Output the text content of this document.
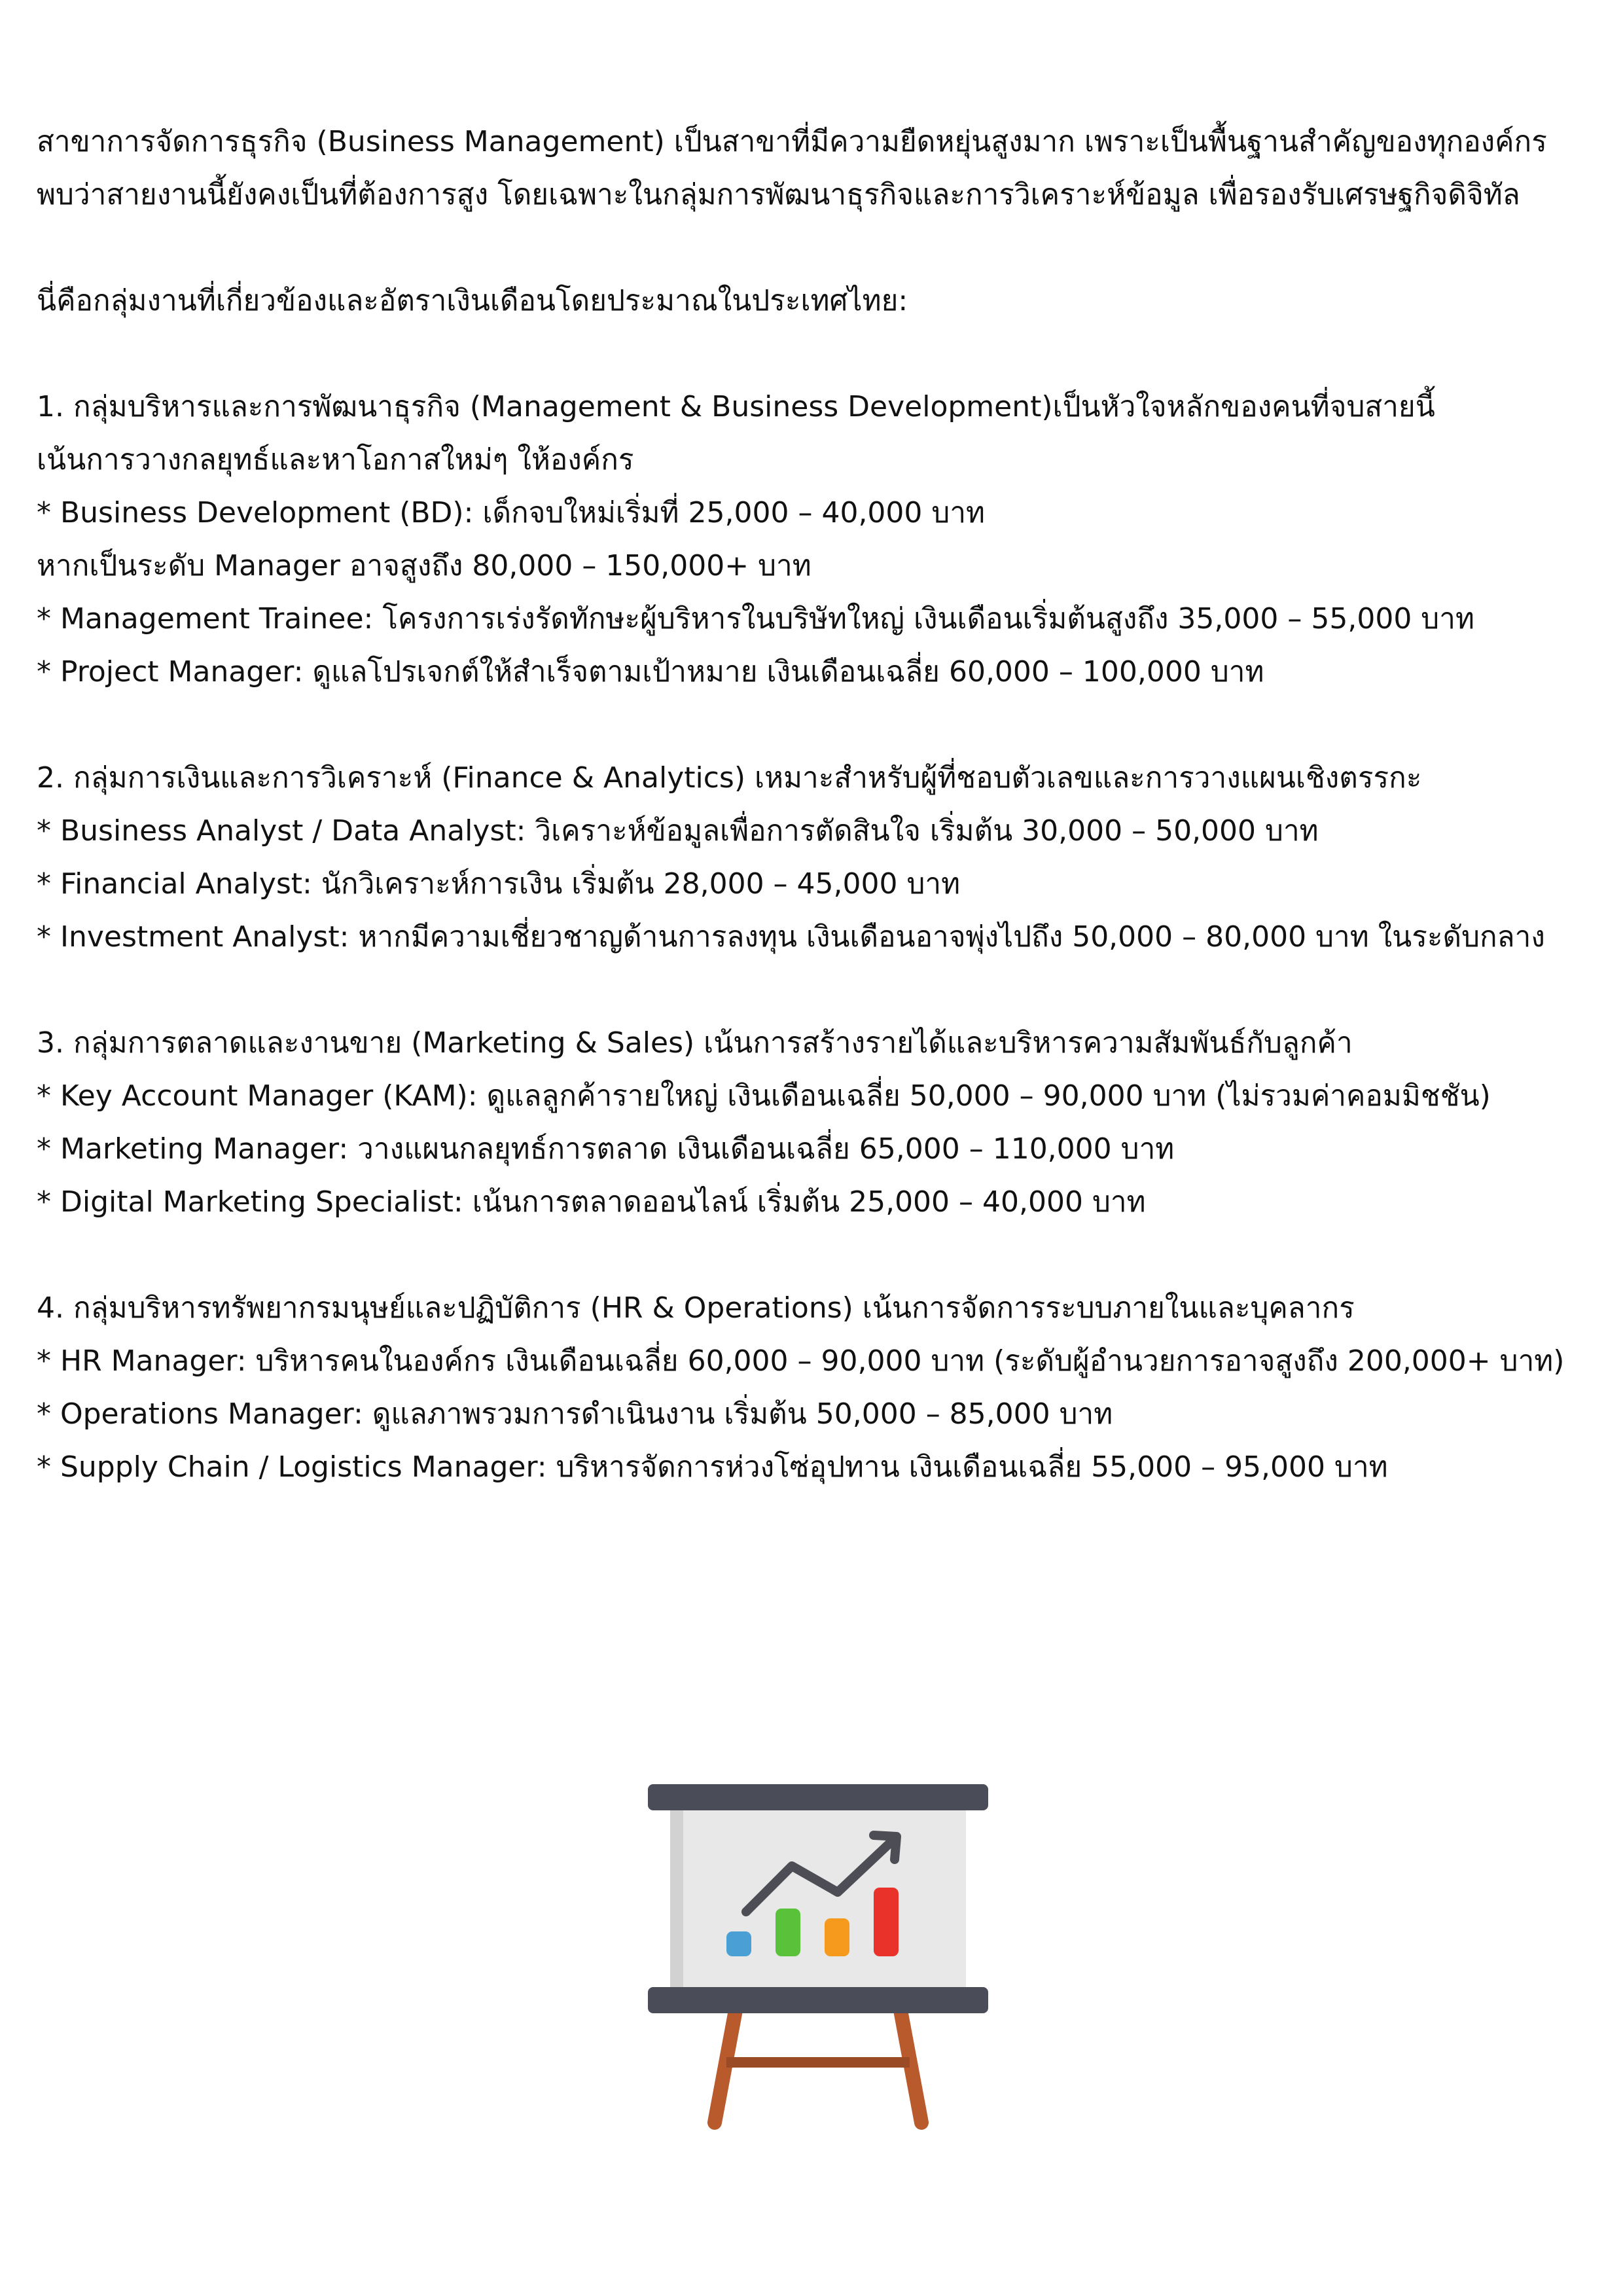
สาขาการจัดการธุรกิจ (Business Management) เป็นสาขาที่มีความยืดหยุ่นสูงมาก เพราะเป็นพื้นฐานสำคัญของทุกองค์กร

พบว่าสายงานนี้ยังคงเป็นที่ต้องการสูง โดยเฉพาะในกลุ่มการพัฒนาธุรกิจและการวิเคราะห์ข้อมูล เพื่อรองรับเศรษฐกิจดิจิทัล

นี่คือกลุ่มงานที่เกี่ยวข้องและอัตราเงินเดือนโดยประมาณในประเทศไทย:

1. กลุ่มบริหารและการพัฒนาธุรกิจ (Management & Business Development)เป็นหัวใจหลักของคนที่จบสายนี้

เน้นการวางกลยุทธ์และหาโอกาสใหม่ๆ ให้องค์กร

* Business Development (BD): เด็กจบใหม่เริ่มที่ 25,000 – 40,000 บาท

หากเป็นระดับ Manager อาจสูงถึง 80,000 – 150,000+ บาท

* Management Trainee: โครงการเร่งรัดทักษะผู้บริหารในบริษัทใหญ่ เงินเดือนเริ่มต้นสูงถึง 35,000 – 55,000 บาท

* Project Manager: ดูแลโปรเจกต์ให้สำเร็จตามเป้าหมาย เงินเดือนเฉลี่ย 60,000 – 100,000 บาท

2. กลุ่มการเงินและการวิเคราะห์ (Finance & Analytics) เหมาะสำหรับผู้ที่ชอบตัวเลขและการวางแผนเชิงตรรกะ

* Business Analyst / Data Analyst: วิเคราะห์ข้อมูลเพื่อการตัดสินใจ เริ่มต้น 30,000 – 50,000 บาท

* Financial Analyst: นักวิเคราะห์การเงิน เริ่มต้น 28,000 – 45,000 บาท

* Investment Analyst: หากมีความเชี่ยวชาญด้านการลงทุน เงินเดือนอาจพุ่งไปถึง 50,000 – 80,000 บาท ในระดับกลาง

3. กลุ่มการตลาดและงานขาย (Marketing & Sales) เน้นการสร้างรายได้และบริหารความสัมพันธ์กับลูกค้า

* Key Account Manager (KAM): ดูแลลูกค้ารายใหญ่ เงินเดือนเฉลี่ย 50,000 – 90,000 บาท (ไม่รวมค่าคอมมิชชัน)

* Marketing Manager: วางแผนกลยุทธ์การตลาด เงินเดือนเฉลี่ย 65,000 – 110,000 บาท

* Digital Marketing Specialist: เน้นการตลาดออนไลน์ เริ่มต้น 25,000 – 40,000 บาท

4. กลุ่มบริหารทรัพยากรมนุษย์และปฏิบัติการ (HR & Operations) เน้นการจัดการระบบภายในและบุคลากร

* HR Manager: บริหารคนในองค์กร เงินเดือนเฉลี่ย 60,000 – 90,000 บาท (ระดับผู้อำนวยการอาจสูงถึง 200,000+ บาท)

* Operations Manager: ดูแลภาพรวมการดำเนินงาน เริ่มต้น 50,000 – 85,000 บาท

* Supply Chain / Logistics Manager: บริหารจัดการห่วงโซ่อุปทาน เงินเดือนเฉลี่ย 55,000 – 95,000 บาท
